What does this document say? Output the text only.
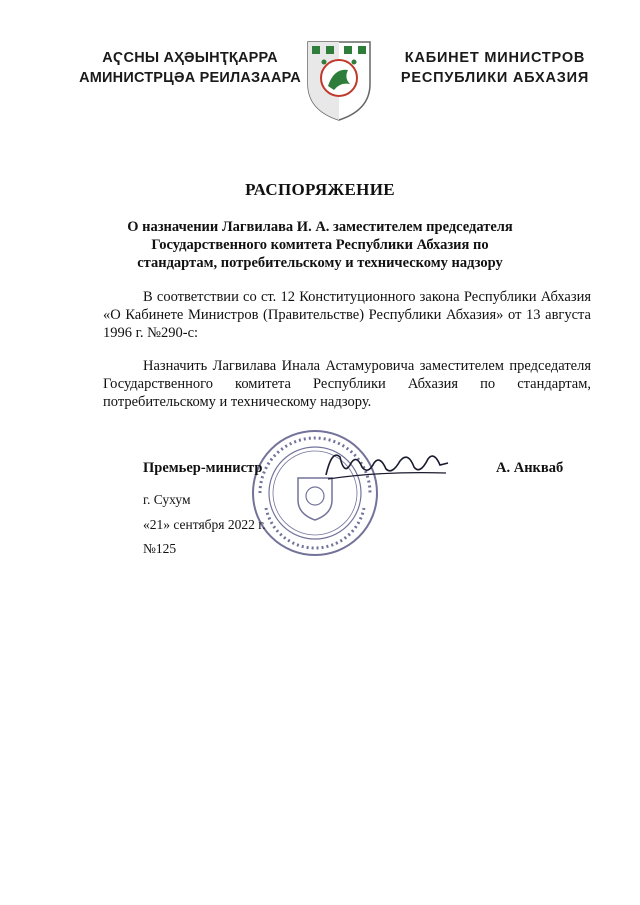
АҀСНЫ АҲӘЫНҬҚАРРА
АМИНИСТРЦӘА РЕИЛАЗААРА
КАБИНЕТ МИНИСТРОВ
РЕСПУБЛИКИ АБХАЗИЯ
РАСПОРЯЖЕНИЕ
О назначении Лагвилава И. А. заместителем председателя Государственного комитета Республики Абхазия по стандартам, потребительскому и техническому надзору
В соответствии со ст. 12 Конституционного закона Республики Абхазия «О Кабинете Министров (Правительстве) Республики Абхазия» от 13 августа 1996 г. №290-с:
Назначить Лагвилава Инала Астамуровича заместителем председателя Государственного комитета Республики Абхазия по стандартам, потребительскому и техническому надзору.
Премьер-министр	А. Анкваб
г. Сухум
«21» сентября 2022 г.
№125
